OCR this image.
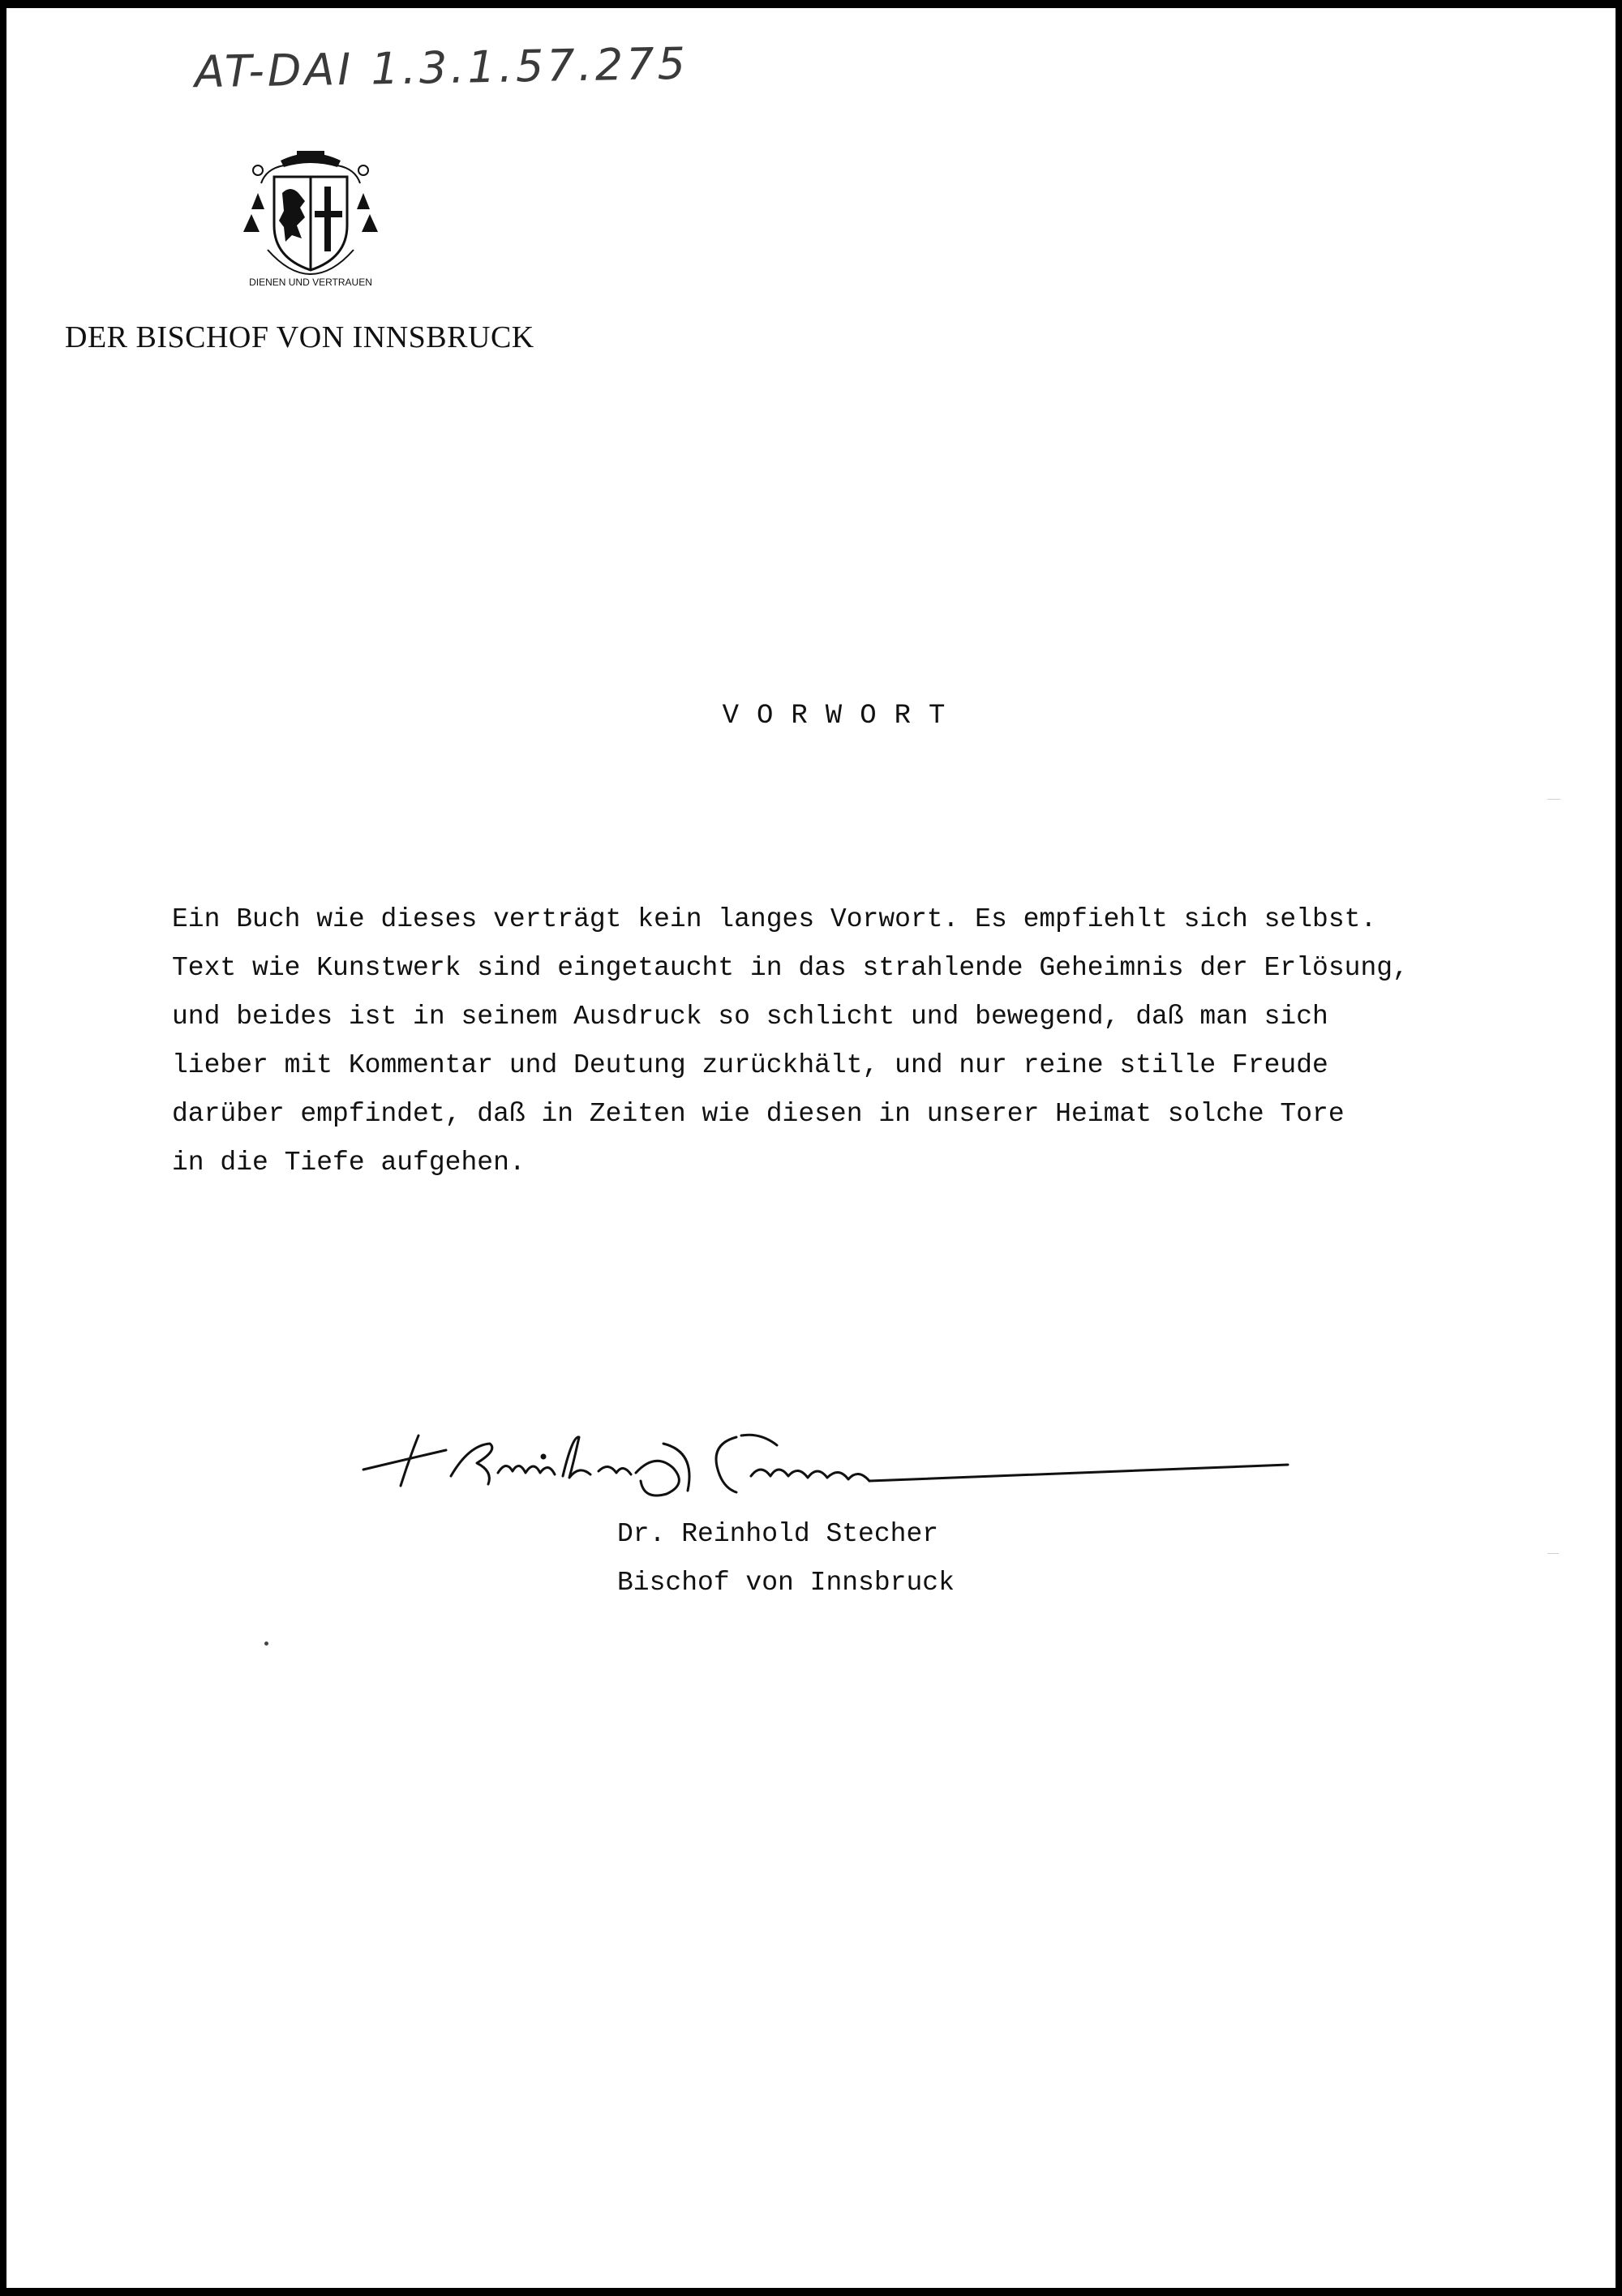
AT-DAI 1.3.1.57.275
DIENEN UND VERTRAUEN
DER BISCHOF VON INNSBRUCK
VORWORT
Ein Buch wie dieses verträgt kein langes Vorwort. Es empfiehlt sich selbst.
Text wie Kunstwerk sind eingetaucht in das strahlende Geheimnis der Erlösung,
und beides ist in seinem Ausdruck so schlicht und bewegend, daß man sich
lieber mit Kommentar und Deutung zurückhält, und nur reine stille Freude
darüber empfindet, daß in Zeiten wie diesen in unserer Heimat solche Tore
in die Tiefe aufgehen.
Dr. Reinhold Stecher
Bischof von Innsbruck
